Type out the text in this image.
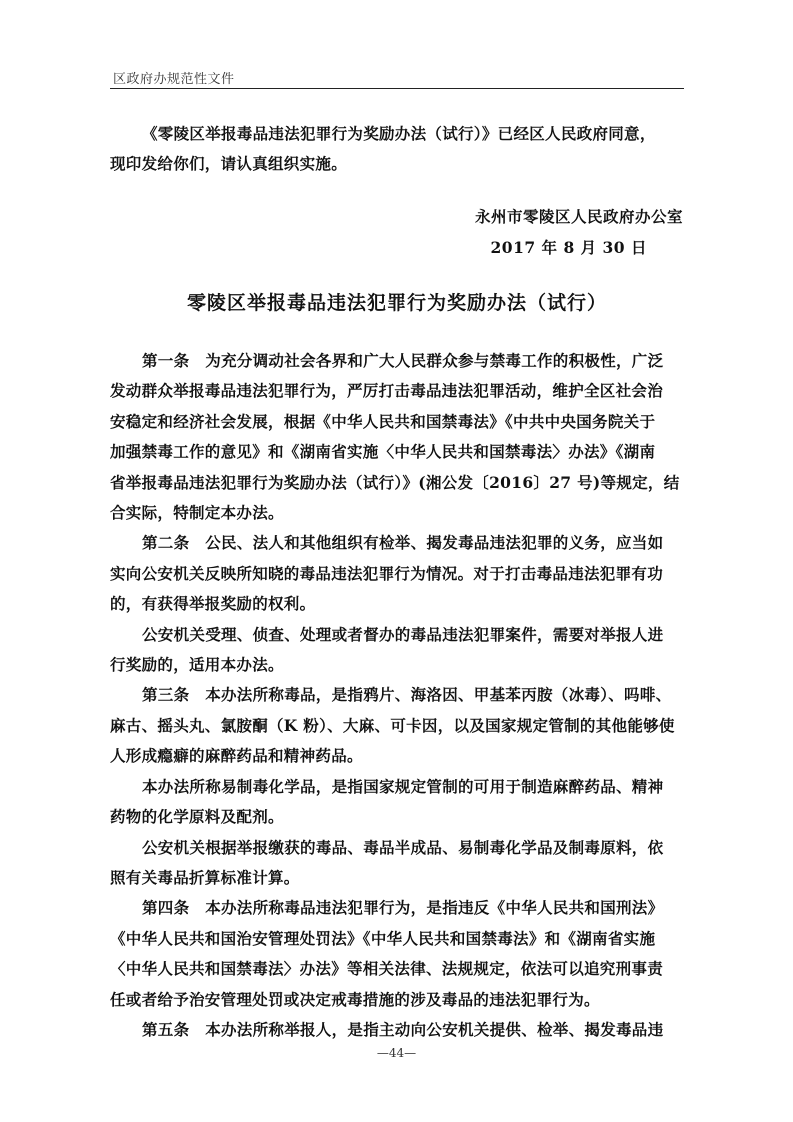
区政府办规范性文件
《零陵区举报毒品违法犯罪行为奖励办法（试行）》已经区人民政府同意，
现印发给你们，请认真组织实施。
永州市零陵区人民政府办公室
2017 年 8 月 30 日
零陵区举报毒品违法犯罪行为奖励办法（试行）
第一条　为充分调动社会各界和广大人民群众参与禁毒工作的积极性，广泛
发动群众举报毒品违法犯罪行为，严厉打击毒品违法犯罪活动，维护全区社会治
安稳定和经济社会发展，根据《中华人民共和国禁毒法》《中共中央国务院关于
加强禁毒工作的意见》和《湖南省实施〈中华人民共和国禁毒法〉办法》《湖南
省举报毒品违法犯罪行为奖励办法（试行）》(湘公发〔2016〕27 号)等规定，结
合实际，特制定本办法。
第二条　公民、法人和其他组织有检举、揭发毒品违法犯罪的义务，应当如
实向公安机关反映所知晓的毒品违法犯罪行为情况。对于打击毒品违法犯罪有功
的，有获得举报奖励的权利。
公安机关受理、侦查、处理或者督办的毒品违法犯罪案件，需要对举报人进
行奖励的，适用本办法。
第三条　本办法所称毒品，是指鸦片、海洛因、甲基苯丙胺（冰毒）、吗啡、
麻古、摇头丸、氯胺酮（K 粉）、大麻、可卡因，以及国家规定管制的其他能够使
人形成瘾癖的麻醉药品和精神药品。
本办法所称易制毒化学品，是指国家规定管制的可用于制造麻醉药品、精神
药物的化学原料及配剂。
公安机关根据举报缴获的毒品、毒品半成品、易制毒化学品及制毒原料，依
照有关毒品折算标准计算。
第四条　本办法所称毒品违法犯罪行为，是指违反《中华人民共和国刑法》
《中华人民共和国治安管理处罚法》《中华人民共和国禁毒法》和《湖南省实施
〈中华人民共和国禁毒法〉办法》等相关法律、法规规定，依法可以追究刑事责
任或者给予治安管理处罚或决定戒毒措施的涉及毒品的违法犯罪行为。
第五条　本办法所称举报人，是指主动向公安机关提供、检举、揭发毒品违
—44—
